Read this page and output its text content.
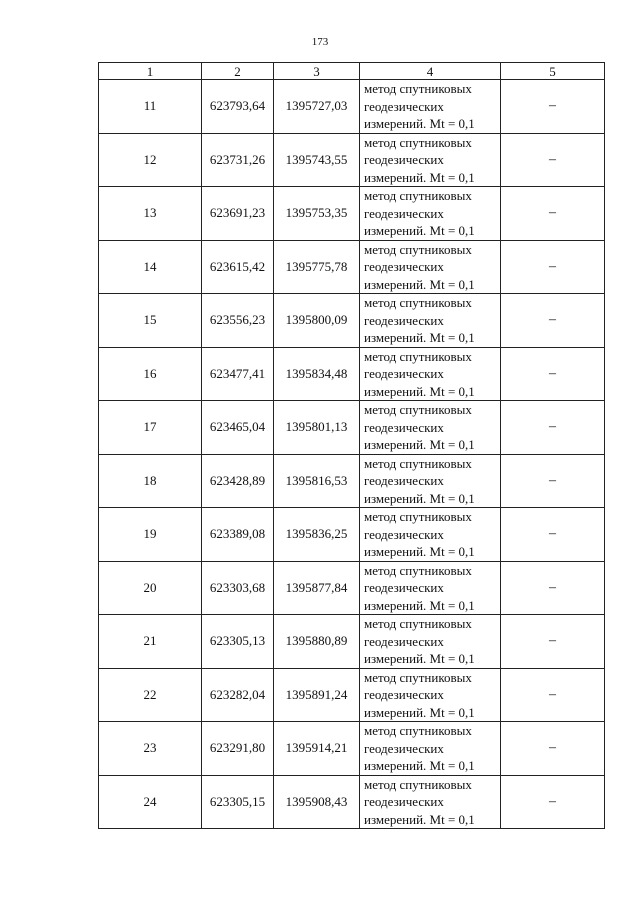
173
1	2	3	4	5
11	623793,64	1395727,03	метод спутниковых
геодезических
измерений. Mt = 0,1	–
12	623731,26	1395743,55	метод спутниковых
геодезических
измерений. Mt = 0,1	–
13	623691,23	1395753,35	метод спутниковых
геодезических
измерений. Mt = 0,1	–
14	623615,42	1395775,78	метод спутниковых
геодезических
измерений. Mt = 0,1	–
15	623556,23	1395800,09	метод спутниковых
геодезических
измерений. Mt = 0,1	–
16	623477,41	1395834,48	метод спутниковых
геодезических
измерений. Mt = 0,1	–
17	623465,04	1395801,13	метод спутниковых
геодезических
измерений. Mt = 0,1	–
18	623428,89	1395816,53	метод спутниковых
геодезических
измерений. Mt = 0,1	–
19	623389,08	1395836,25	метод спутниковых
геодезических
измерений. Mt = 0,1	–
20	623303,68	1395877,84	метод спутниковых
геодезических
измерений. Mt = 0,1	–
21	623305,13	1395880,89	метод спутниковых
геодезических
измерений. Mt = 0,1	–
22	623282,04	1395891,24	метод спутниковых
геодезических
измерений. Mt = 0,1	–
23	623291,80	1395914,21	метод спутниковых
геодезических
измерений. Mt = 0,1	–
24	623305,15	1395908,43	метод спутниковых
геодезических
измерений. Mt = 0,1	–
